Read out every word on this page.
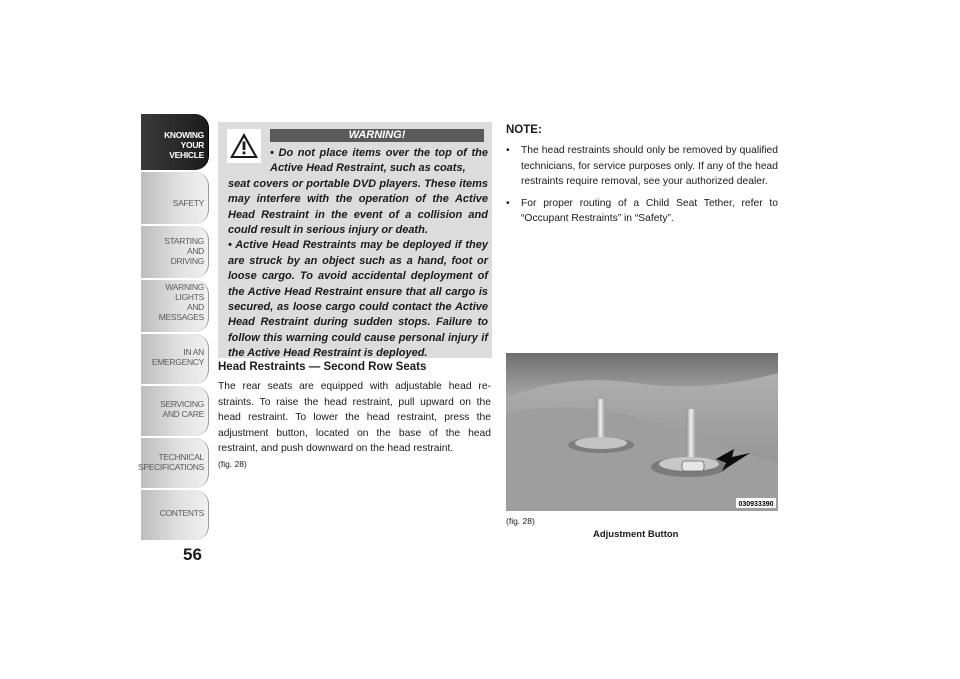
KNOWING
YOUR
VEHICLE
SAFETY
STARTING
AND
DRIVING
WARNING
LIGHTS
AND
MESSAGES
IN AN
EMERGENCY
SERVICING
AND CARE
TECHNICAL
SPECIFICATIONS
CONTENTS
56
WARNING!

• Do not place items over the top of the Active Head Restraint, such as coats,
seat covers or portable DVD players. These items may interfere with the operation of the Active Head Restraint in the event of a collision and could result in serious injury or death.

• Active Head Restraints may be deployed if they are struck by an object such as a hand, foot or loose cargo. To avoid accidental deployment of the Active Head Restraint ensure that all cargo is secured, as loose cargo could contact the Active Head Restraint during sudden stops. Failure to follow this warning could cause personal injury if the Active Head Restraint is deployed.

Head Restraints — Second Row Seats
The rear seats are equipped with adjustable head restraints. To raise the head restraint, pull upward on the head restraint. To lower the head restraint, press the adjustment button, located on the base of the head restraint, and push downward on the head restraint.
(fig. 28)
NOTE:
• The head restraints should only be removed by qualified technicians, for service purposes only. If any of the head restraints require removal, see your authorized dealer.
• For proper routing of a Child Seat Tether, refer to “Occupant Restraints” in “Safety”.
030933390
(fig. 28)
Adjustment Button
